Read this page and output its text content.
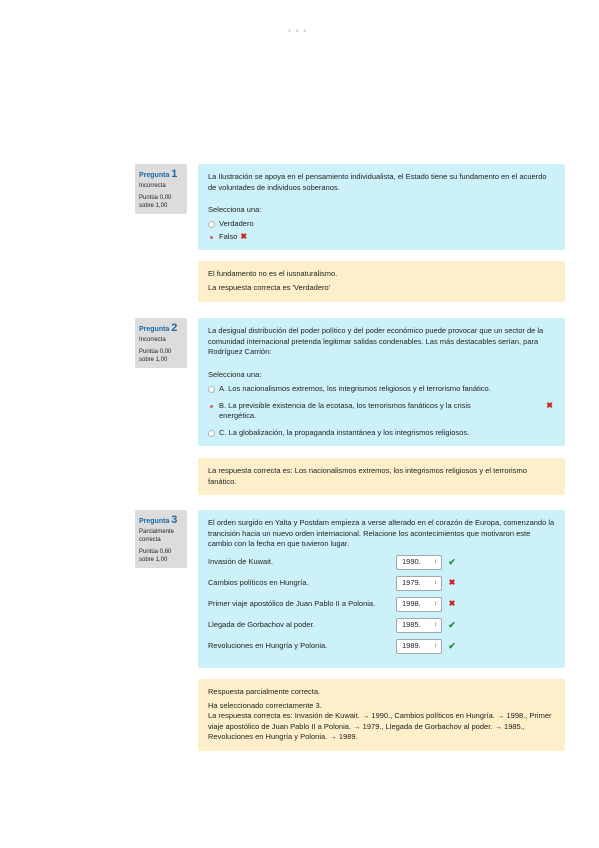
• • •
Pregunta 1
Incorrecta
Puntúa 0,00
sobre 1,00
La Ilustración se apoya en el pensamiento individualista, el Estado tiene su fundamento en el acuerdo de voluntades de individuos soberanos.
Selecciona una:
Verdadero
Falso ✖
El fundamento no es el iusnaturalismo.
La respuesta correcta es 'Verdadero'
Pregunta 2
Incorrecta
Puntúa 0,00
sobre 1,00
La desigual distribución del poder político y del poder económico puede provocar que un sector de la comunidad internacional pretenda legitimar salidas condenables. Las más destacables serían, para Rodríguez Carrión:
Selecciona una:
A. Los nacionalismos extremos, los integrismos religiosos y el terrorismo fanático.
B. La previsible existencia de la ecotasa, los terrorismos fanáticos y la crisis energética.
✖
C. La globalización, la propaganda instantánea y los integrismos religiosos.
La respuesta correcta es: Los nacionalismos extremos, los integrismos religiosos y el terrorismo fanático.
Pregunta 3
Parcialmente
correcta
Puntúa 0,60
sobre 1,00
El orden surgido en Yalta y Postdam empieza a verse alterado en el corazón de Europa, comenzando la trancisión hacia un nuevo orden internacional. Relacione los acontecimientos que motivaron este cambio con la fecha en que tuvieron lugar.
Invasión de Kuwait.	1990. ↕	✔
Cambios políticos en Hungría.	1979. ↕	✖
Primer viaje apostólico de Juan Pablo II a Polonia.	1998. ↕	✖
Llegada de Gorbachov al poder.	1985. ↕	✔
Revoluciones en Hungría y Polonia.	1989. ↕	✔
Respuesta parcialmente correcta.
Ha seleccionado correctamente 3.
La respuesta correcta es: Invasión de Kuwait. → 1990., Cambios políticos en Hungría. → 1998., Primer viaje apostólico de Juan Pablo II a Polonia. → 1979., Llegada de Gorbachov al poder. → 1985., Revoluciones en Hungría y Polonia. → 1989.
